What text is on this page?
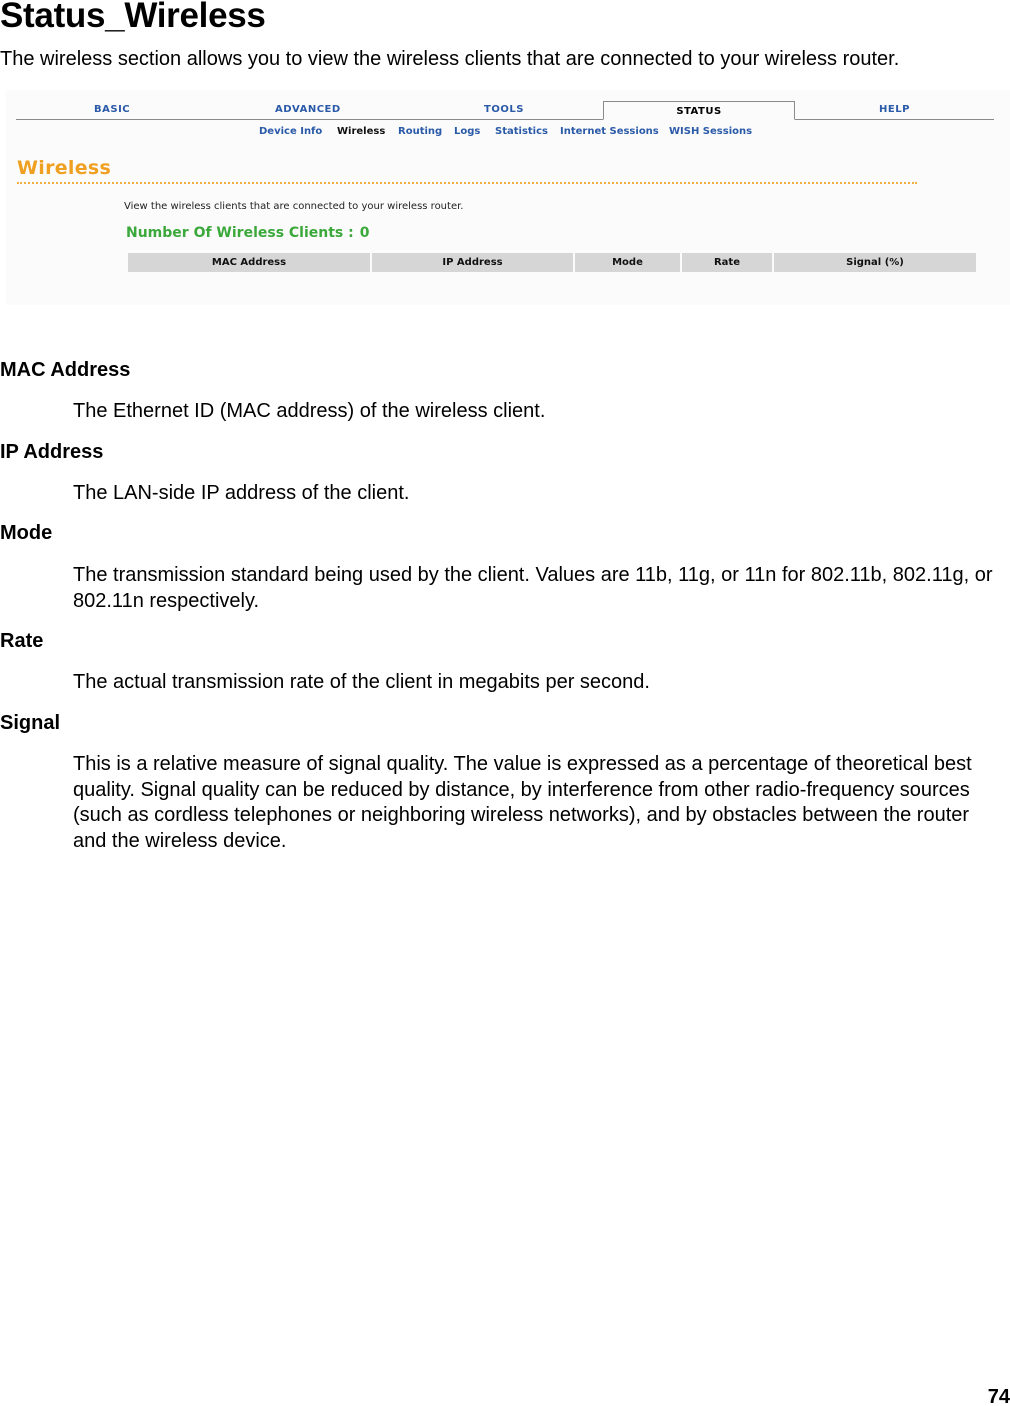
Status_Wireless
The wireless section allows you to view the wireless clients that are connected to your wireless router.
BASIC	ADVANCED	TOOLS	STATUS	HELP
Device Info Wireless Routing Logs Statistics Internet Sessions WISH Sessions
Wireless
View the wireless clients that are connected to your wireless router.
Number Of Wireless Clients : 0
MAC Address	IP Address	Mode	Rate	Signal (%)
MAC Address
The Ethernet ID (MAC address) of the wireless client.
IP Address
The LAN-side IP address of the client.
Mode
The transmission standard being used by the client. Values are 11b, 11g, or 11n for 802.11b, 802.11g, or 802.11n respectively.
Rate
The actual transmission rate of the client in megabits per second.
Signal
This is a relative measure of signal quality. The value is expressed as a percentage of theoretical best quality. Signal quality can be reduced by distance, by interference from other radio-frequency sources (such as cordless telephones or neighboring wireless networks), and by obstacles between the router and the wireless device.
74
